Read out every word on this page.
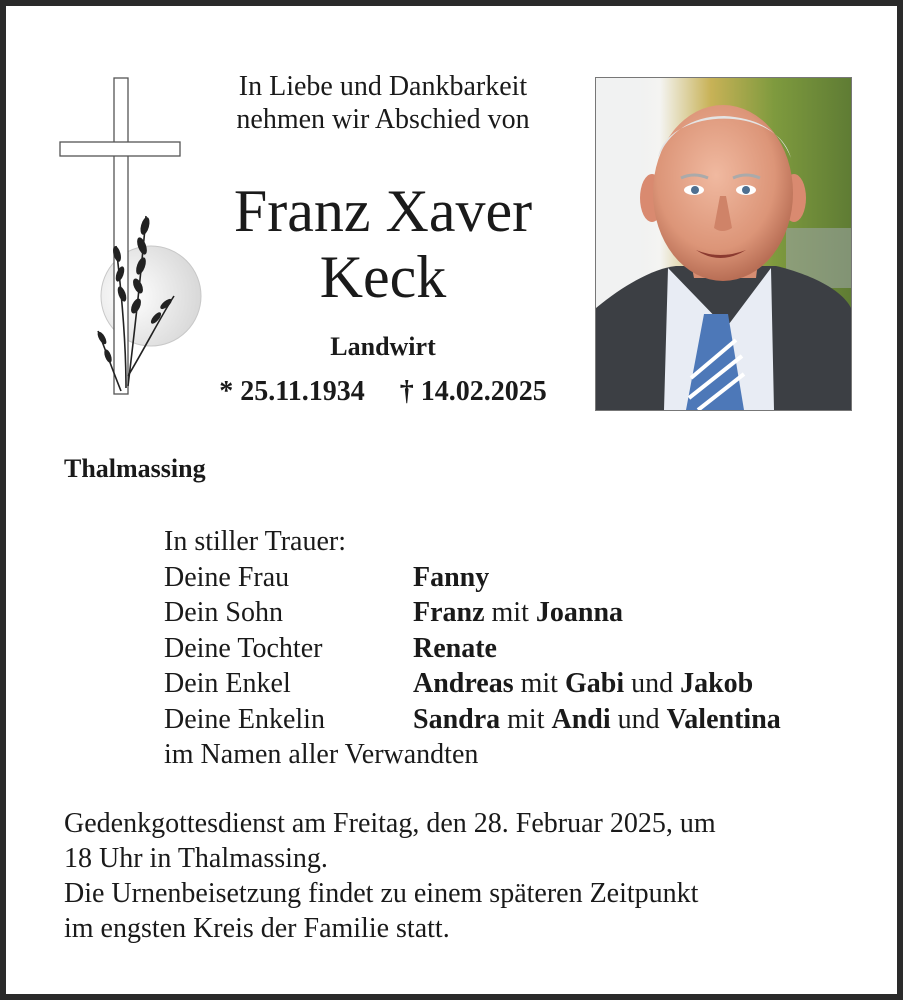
In Liebe und Dankbarkeit
nehmen wir Abschied von
Franz Xaver
Keck
Landwirt
* 25.11.1934 † 14.02.2025
Thalmassing
In stiller Trauer:
Deine Frau	Fanny
Dein Sohn	Franz mit Joanna
Deine Tochter	Renate
Dein Enkel	Andreas mit Gabi und Jakob
Deine Enkelin	Sandra mit Andi und Valentina
im Namen aller Verwandten
Gedenkgottesdienst am Freitag, den 28. Februar 2025, um
18 Uhr in Thalmassing.
Die Urnenbeisetzung findet zu einem späteren Zeitpunkt
im engsten Kreis der Familie statt.
